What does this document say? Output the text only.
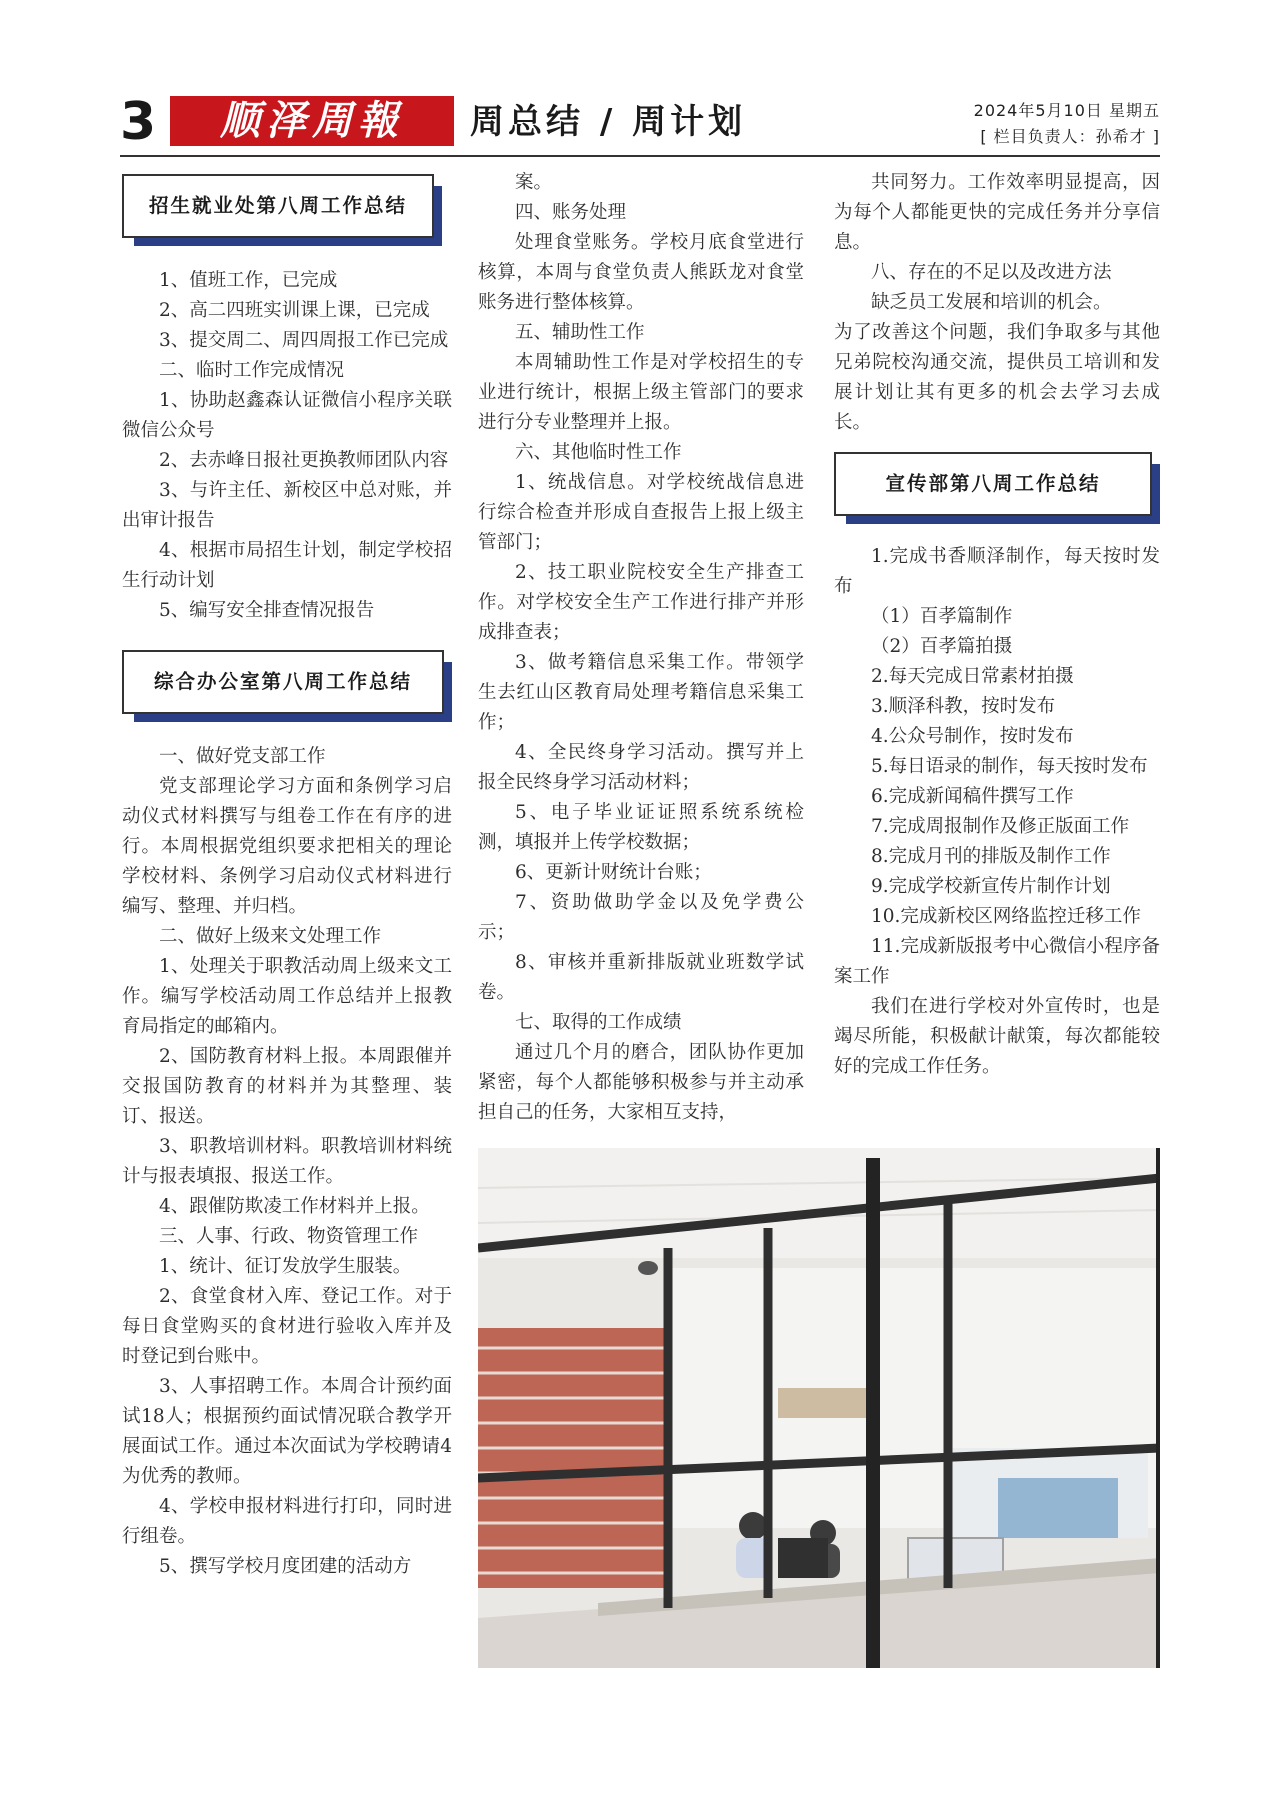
3	顺泽周報	周总结 / 周计划	2024年5月10日 星期五
[ 栏目负责人：孙希才 ]
招生就业处第八周工作总结

1、值班工作，已完成

2、高二四班实训课上课，已完成

3、提交周二、周四周报工作已完成

二、临时工作完成情况

1、协助赵鑫森认证微信小程序关联微信公众号

2、去赤峰日报社更换教师团队内容

3、与许主任、新校区中总对账，并出审计报告

4、根据市局招生计划，制定学校招生行动计划

5、编写安全排查情况报告

综合办公室第八周工作总结

一、做好党支部工作

党支部理论学习方面和条例学习启动仪式材料撰写与组卷工作在有序的进行。本周根据党组织要求把相关的理论学校材料、条例学习启动仪式材料进行编写、整理、并归档。

二、做好上级来文处理工作

1、处理关于职教活动周上级来文工作。编写学校活动周工作总结并上报教育局指定的邮箱内。

2、国防教育材料上报。本周跟催并交报国防教育的材料并为其整理、装订、报送。

3、职教培训材料。职教培训材料统计与报表填报、报送工作。

4、跟催防欺凌工作材料并上报。

三、人事、行政、物资管理工作

1、统计、征订发放学生服装。

2、食堂食材入库、登记工作。对于每日食堂购买的食材进行验收入库并及时登记到台账中。

3、人事招聘工作。本周合计预约面试18人；根据预约面试情况联合教学开展面试工作。通过本次面试为学校聘请4为优秀的教师。

4、学校申报材料进行打印，同时进行组卷。

5、撰写学校月度团建的活动方

案。

四、账务处理

处理食堂账务。学校月底食堂进行核算，本周与食堂负责人熊跃龙对食堂账务进行整体核算。

五、辅助性工作

本周辅助性工作是对学校招生的专业进行统计，根据上级主管部门的要求进行分专业整理并上报。

六、其他临时性工作

1、统战信息。对学校统战信息进行综合检查并形成自查报告上报上级主管部门；

2、技工职业院校安全生产排查工作。对学校安全生产工作进行排产并形成排查表；

3、做考籍信息采集工作。带领学生去红山区教育局处理考籍信息采集工作；

4、全民终身学习活动。撰写并上报全民终身学习活动材料；

5、电子毕业证证照系统系统检测，填报并上传学校数据；

6、更新计财统计台账；

7、资助做助学金以及免学费公示；

8、审核并重新排版就业班数学试卷。

七、取得的工作成绩

通过几个月的磨合，团队协作更加紧密，每个人都能够积极参与并主动承担自己的任务，大家相互支持，

共同努力。工作效率明显提高，因为每个人都能更快的完成任务并分享信息。

八、存在的不足以及改进方法

缺乏员工发展和培训的机会。

为了改善这个问题，我们争取多与其他兄弟院校沟通交流，提供员工培训和发展计划让其有更多的机会去学习去成长。

宣传部第八周工作总结

1.完成书香顺泽制作，每天按时发布

（1）百孝篇制作

（2）百孝篇拍摄

2.每天完成日常素材拍摄

3.顺泽科教，按时发布

4.公众号制作，按时发布

5.每日语录的制作，每天按时发布

6.完成新闻稿件撰写工作

7.完成周报制作及修正版面工作

8.完成月刊的排版及制作工作

9.完成学校新宣传片制作计划

10.完成新校区网络监控迁移工作

11.完成新版报考中心微信小程序备案工作

我们在进行学校对外宣传时，也是竭尽所能，积极献计献策，每次都能较好的完成工作任务。
